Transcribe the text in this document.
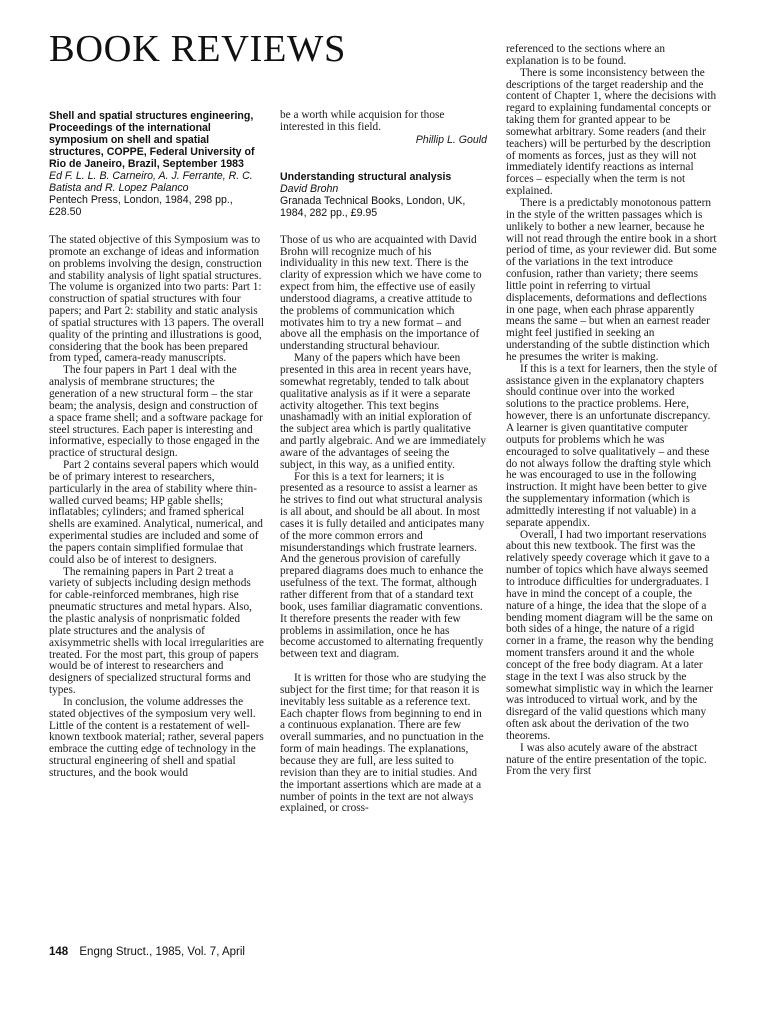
BOOK REVIEWS

Shell and spatial structures engineering, Proceedings of the international symposium on shell and spatial structures, COPPE, Federal University of Rio de Janeiro, Brazil, September 1983

Ed F. L. L. B. Carneiro, A. J. Ferrante, R. C. Batista and R. Lopez Palanco

Pentech Press, London, 1984, 298 pp., £28.50

The stated objective of this Symposium was to promote an exchange of ideas and information on problems involving the design, construction and stability analysis of light spatial structures. The volume is organized into two parts: Part 1: construction of spatial structures with four papers; and Part 2: stability and static analysis of spatial structures with 13 papers. The overall quality of the printing and illustrations is good, considering that the book has been prepared from typed, camera-ready manuscripts.

The four papers in Part 1 deal with the analysis of membrane structures; the generation of a new structural form – the star beam; the analysis, design and construction of a space frame shell; and a software package for steel structures. Each paper is interesting and informative, especially to those engaged in the practice of structural design.

Part 2 contains several papers which would be of primary interest to researchers, particularly in the area of stability where thin-walled curved beams; HP gable shells; inflatables; cylinders; and framed spherical shells are examined. Analytical, numerical, and experimental studies are included and some of the papers contain simplified formulae that could also be of interest to designers.

The remaining papers in Part 2 treat a variety of subjects including design methods for cable-reinforced membranes, high rise pneumatic structures and metal hypars. Also, the plastic analysis of nonprismatic folded plate structures and the analysis of axisymmetric shells with local irregularities are treated. For the most part, this group of papers would be of interest to researchers and designers of specialized structural forms and types.

In conclusion, the volume addresses the stated objectives of the symposium very well. Little of the content is a restatement of well-known textbook material; rather, several papers embrace the cutting edge of technology in the structural engineering of shell and spatial structures, and the book would

be a worth while acquision for those interested in this field.

Phillip L. Gould

Understanding structural analysis

David Brohn

Granada Technical Books, London, UK, 1984, 282 pp., £9.95

Those of us who are acquainted with David Brohn will recognize much of his individuality in this new text. There is the clarity of expression which we have come to expect from him, the effective use of easily understood diagrams, a creative attitude to the problems of communication which motivates him to try a new format – and above all the emphasis on the importance of understanding structural behaviour.

Many of the papers which have been presented in this area in recent years have, somewhat regretably, tended to talk about qualitative analysis as if it were a separate activity altogether. This text begins unashamadly with an initial exploration of the subject area which is partly qualitative and partly algebraic. And we are immediately aware of the advantages of seeing the subject, in this way, as a unified entity.

For this is a text for learners; it is presented as a resource to assist a learner as he strives to find out what structural analysis is all about, and should be all about. In most cases it is fully detailed and anticipates many of the more common errors and misunderstandings which frustrate learners. And the generous provision of carefully prepared diagrams does much to enhance the usefulness of the text. The format, although rather different from that of a standard text book, uses familiar diagramatic conventions. It therefore presents the reader with few problems in assimilation, once he has become accustomed to alternating frequently between text and diagram.

It is written for those who are studying the subject for the first time; for that reason it is inevitably less suitable as a reference text. Each chapter flows from beginning to end in a continuous explanation. There are few overall summaries, and no punctuation in the form of main headings. The explanations, because they are full, are less suited to revision than they are to initial studies. And the important assertions which are made at a number of points in the text are not always explained, or cross-

referenced to the sections where an explanation is to be found.

There is some inconsistency between the descriptions of the target readership and the content of Chapter 1, where the decisions with regard to explaining fundamental concepts or taking them for granted appear to be somewhat arbitrary. Some readers (and their teachers) will be perturbed by the description of moments as forces, just as they will not immediately identify reactions as internal forces – especially when the term is not explained.

There is a predictably monotonous pattern in the style of the written passages which is unlikely to bother a new learner, because he will not read through the entire book in a short period of time, as your reviewer did. But some of the variations in the text introduce confusion, rather than variety; there seems little point in referring to virtual displacements, deformations and deflections in one page, when each phrase apparently means the same – but when an earnest reader might feel justified in seeking an understanding of the subtle distinction which he presumes the writer is making.

If this is a text for learners, then the style of assistance given in the explanatory chapters should continue over into the worked solutions to the practice problems. Here, however, there is an unfortunate discrepancy. A learner is given quantitative computer outputs for problems which he was encouraged to solve qualitatively – and these do not always follow the drafting style which he was encouraged to use in the following instruction. It might have been better to give the supplementary information (which is admittedly interesting if not valuable) in a separate appendix.

Overall, I had two important reservations about this new textbook. The first was the relatively speedy coverage which it gave to a number of topics which have always seemed to introduce difficulties for undergraduates. I have in mind the concept of a couple, the nature of a hinge, the idea that the slope of a bending moment diagram will be the same on both sides of a hinge, the nature of a rigid corner in a frame, the reason why the bending moment transfers around it and the whole concept of the free body diagram. At a later stage in the text I was also struck by the somewhat simplistic way in which the learner was introduced to virtual work, and by the disregard of the valid questions which many often ask about the derivation of the two theorems.

I was also acutely aware of the abstract nature of the entire presentation of the topic. From the very first

148 Engng Struct., 1985, Vol. 7, April
